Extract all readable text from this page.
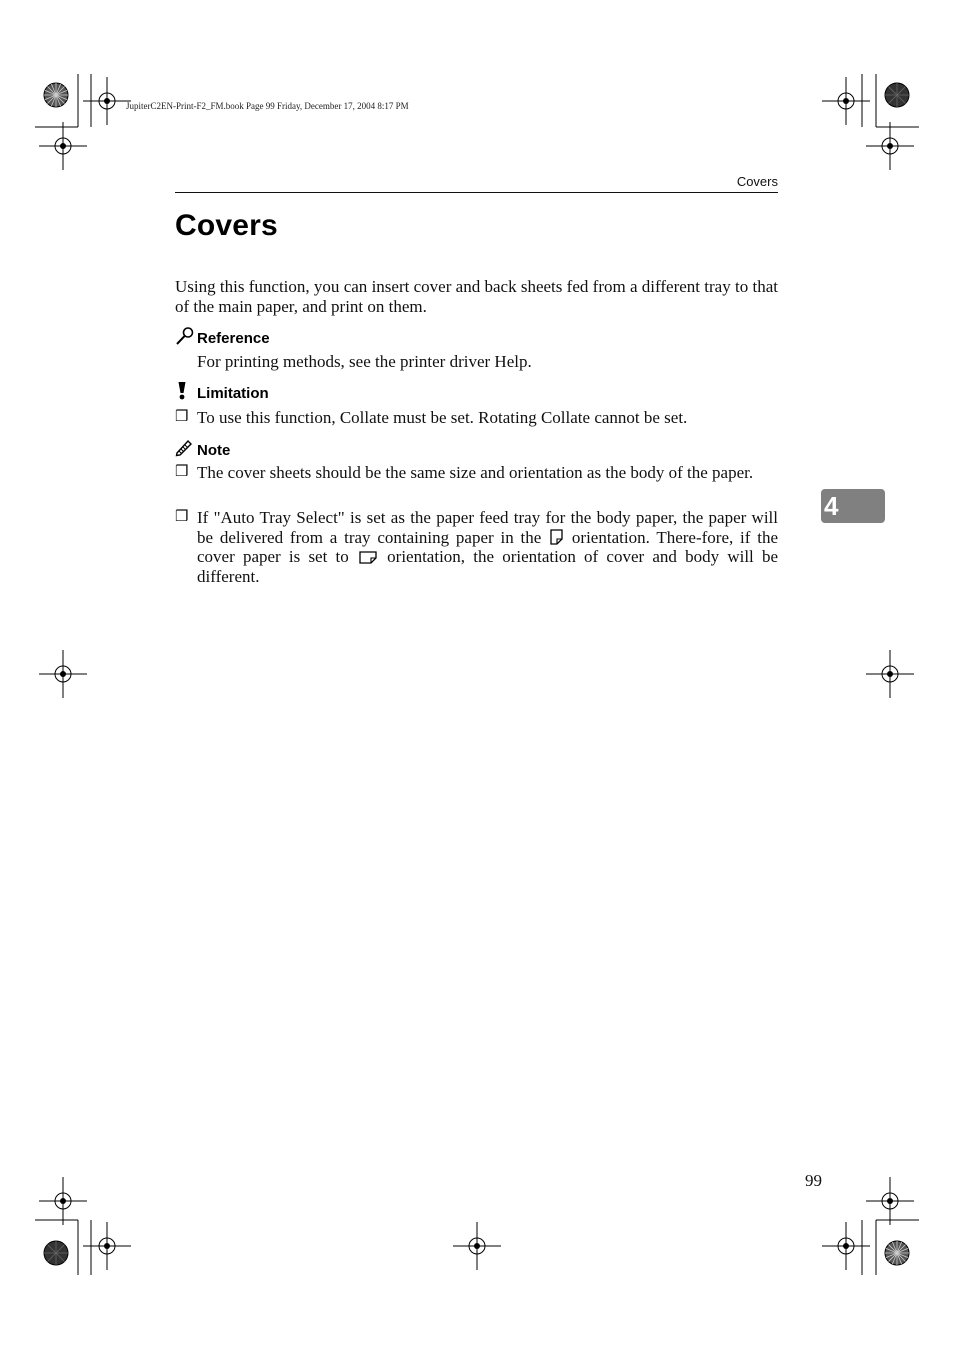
JupiterC2EN-Print-F2_FM.book Page 99 Friday, December 17, 2004 8:17 PM
Covers
Covers
Using this function, you can insert cover and back sheets fed from a different tray to that of the main paper, and print on them.
Reference
For printing methods, see the printer driver Help.
Limitation
❒ To use this function, Collate must be set. Rotating Collate cannot be set.
Note
❒ The cover sheets should be the same size and orientation as the body of the paper.
❒ If "Auto Tray Select" is set as the paper feed tray for the body paper, the paper will be delivered from a tray containing paper in the orientation. There-fore, if the cover paper is set to orientation, the orientation of cover and body will be different.
4
99
